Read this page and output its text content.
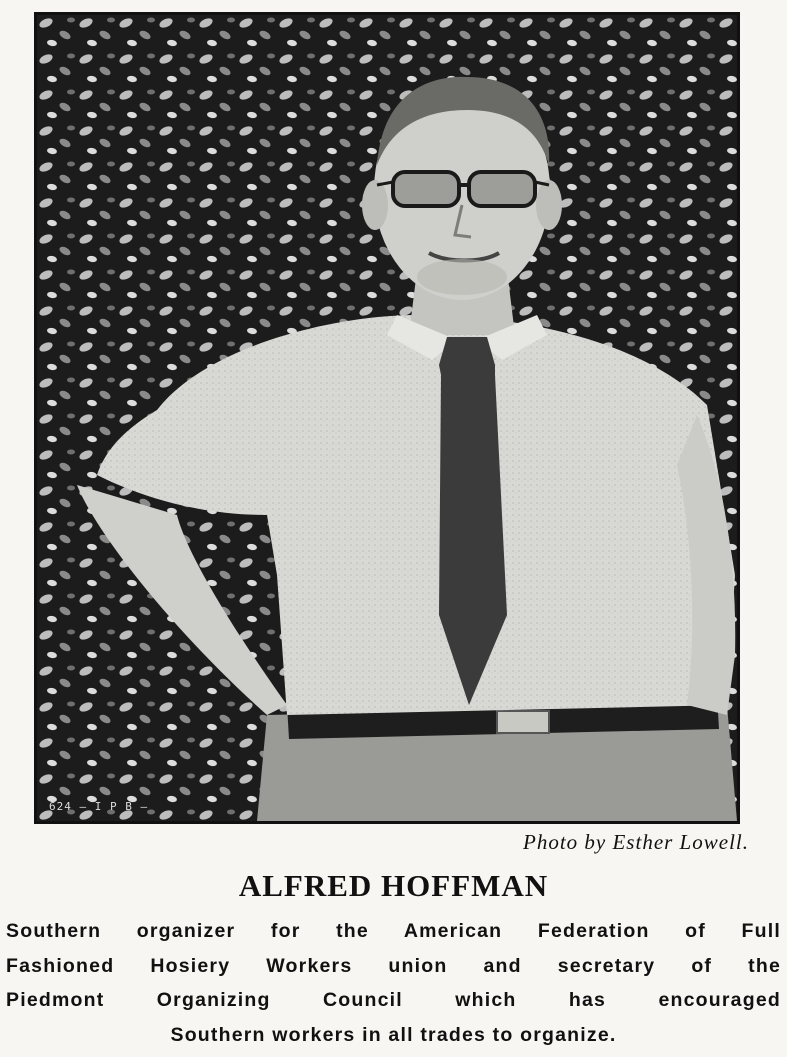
624 — I P B —
Photo by Esther Lowell.
ALFRED HOFFMAN

Southern organizer for the American Federation of Full
Fashioned Hosiery Workers union and secretary of the
Piedmont Organizing Council which has encouraged
Southern workers in all trades to organize.
